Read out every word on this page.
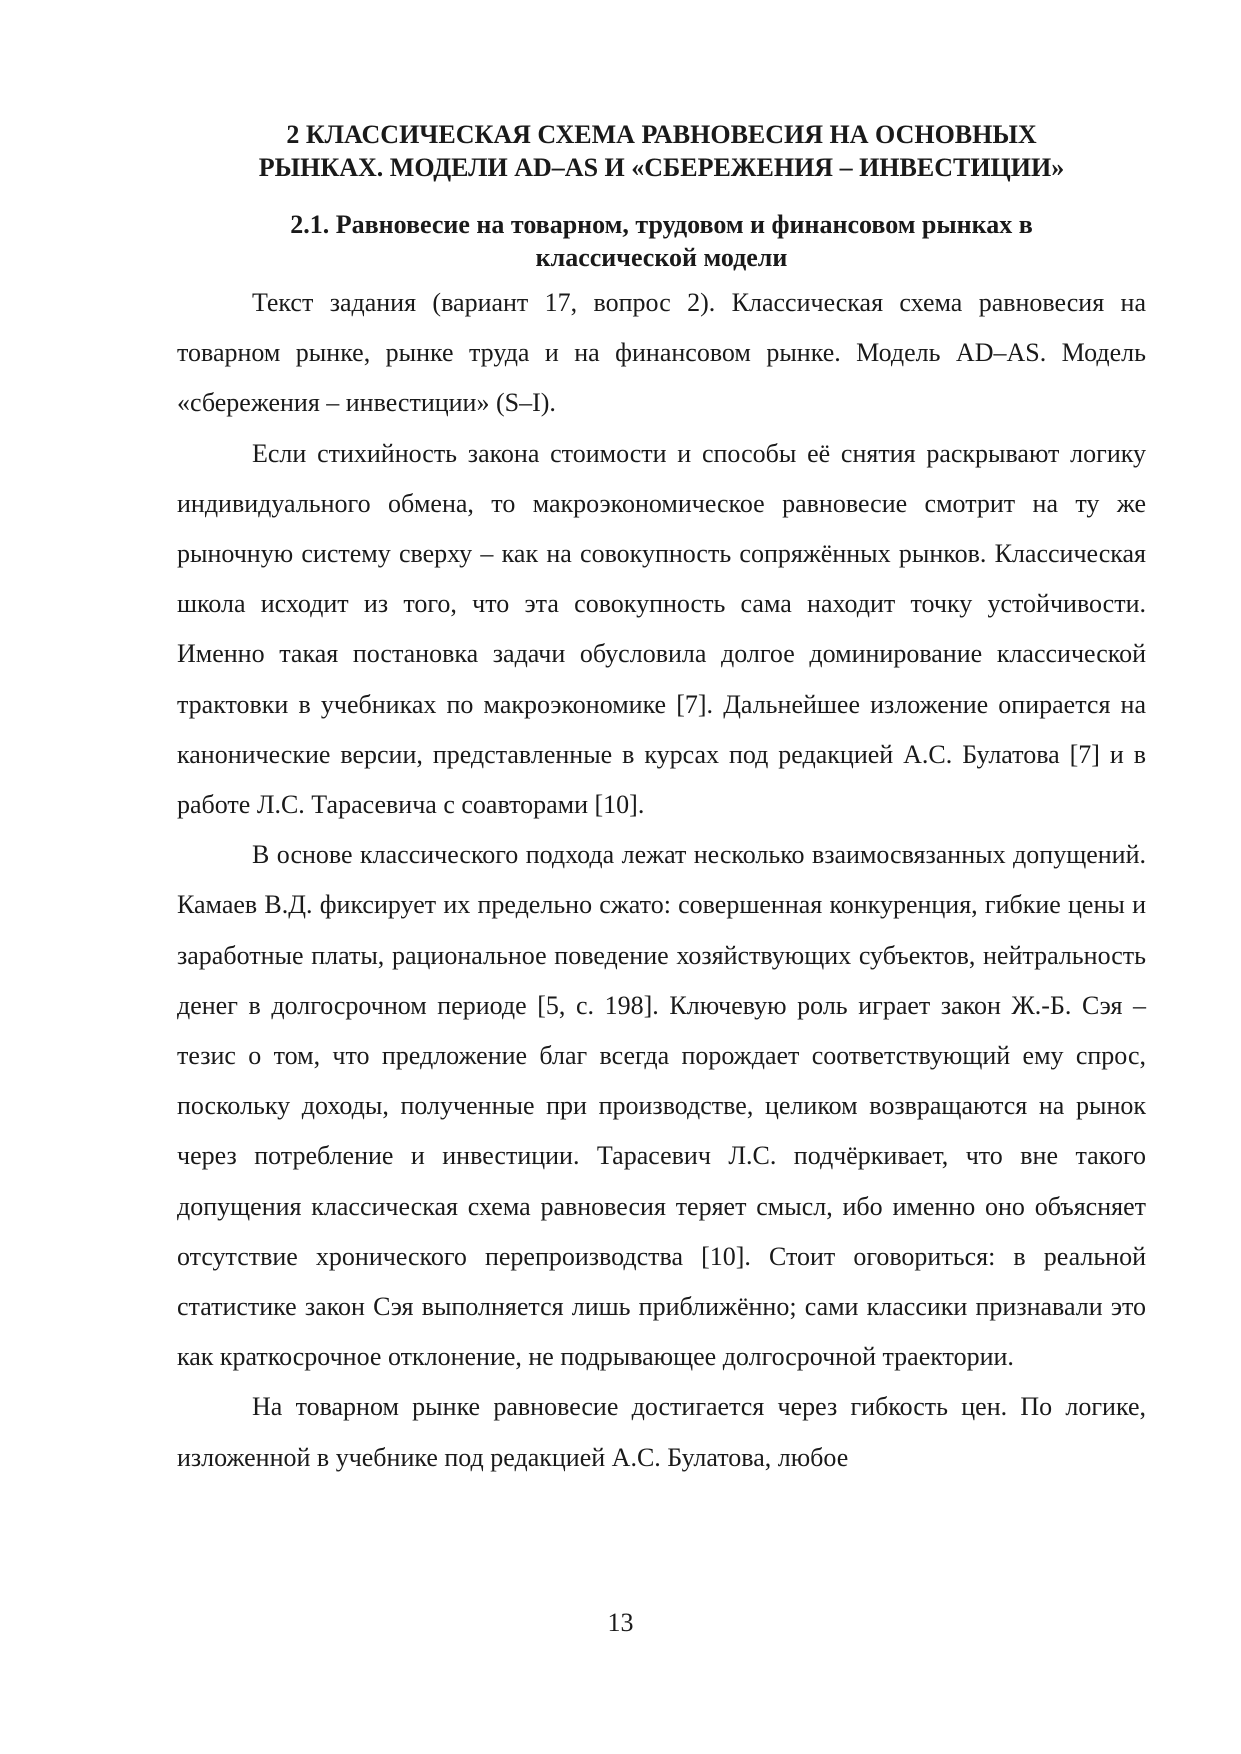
2 КЛАССИЧЕСКАЯ СХЕМА РАВНОВЕСИЯ НА ОСНОВНЫХ
РЫНКАХ. МОДЕЛИ AD–AS И «СБЕРЕЖЕНИЯ – ИНВЕСТИЦИИ»
2.1. Равновесие на товарном, трудовом и финансовом рынках в
классической модели

Текст задания (вариант 17, вопрос 2). Классическая схема равновесия на товарном рынке, рынке труда и на финансовом рынке. Модель AD–AS. Модель «сбережения – инвестиции» (S–I).

Если стихийность закона стоимости и способы её снятия раскрывают логику индивидуального обмена, то макроэкономическое равновесие смотрит на ту же рыночную систему сверху – как на совокупность сопряжённых рынков. Классическая школа исходит из того, что эта совокупность сама находит точку устойчивости. Именно такая постановка задачи обусловила долгое доминирование классической трактовки в учебниках по макроэкономике [7]. Дальнейшее изложение опирается на канонические версии, представленные в курсах под редакцией А.С. Булатова [7] и в работе Л.С. Тарасевича с соавторами [10].

В основе классического подхода лежат несколько взаимосвязанных допущений. Камаев В.Д. фиксирует их предельно сжато: совершенная конкуренция, гибкие цены и заработные платы, рациональное поведение хозяйствующих субъектов, нейтральность денег в долгосрочном периоде [5, с. 198]. Ключевую роль играет закон Ж.-Б. Сэя – тезис о том, что предложение благ всегда порождает соответствующий ему спрос, поскольку доходы, полученные при производстве, целиком возвращаются на рынок через потребление и инвестиции. Тарасевич Л.С. подчёркивает, что вне такого допущения классическая схема равновесия теряет смысл, ибо именно оно объясняет отсутствие хронического перепроизводства [10]. Стоит оговориться: в реальной статистике закон Сэя выполняется лишь приближённо; сами классики признавали это как краткосрочное отклонение, не подрывающее долгосрочной траектории.

На товарном рынке равновесие достигается через гибкость цен. По логике, изложенной в учебнике под редакцией А.С. Булатова, любое

13
